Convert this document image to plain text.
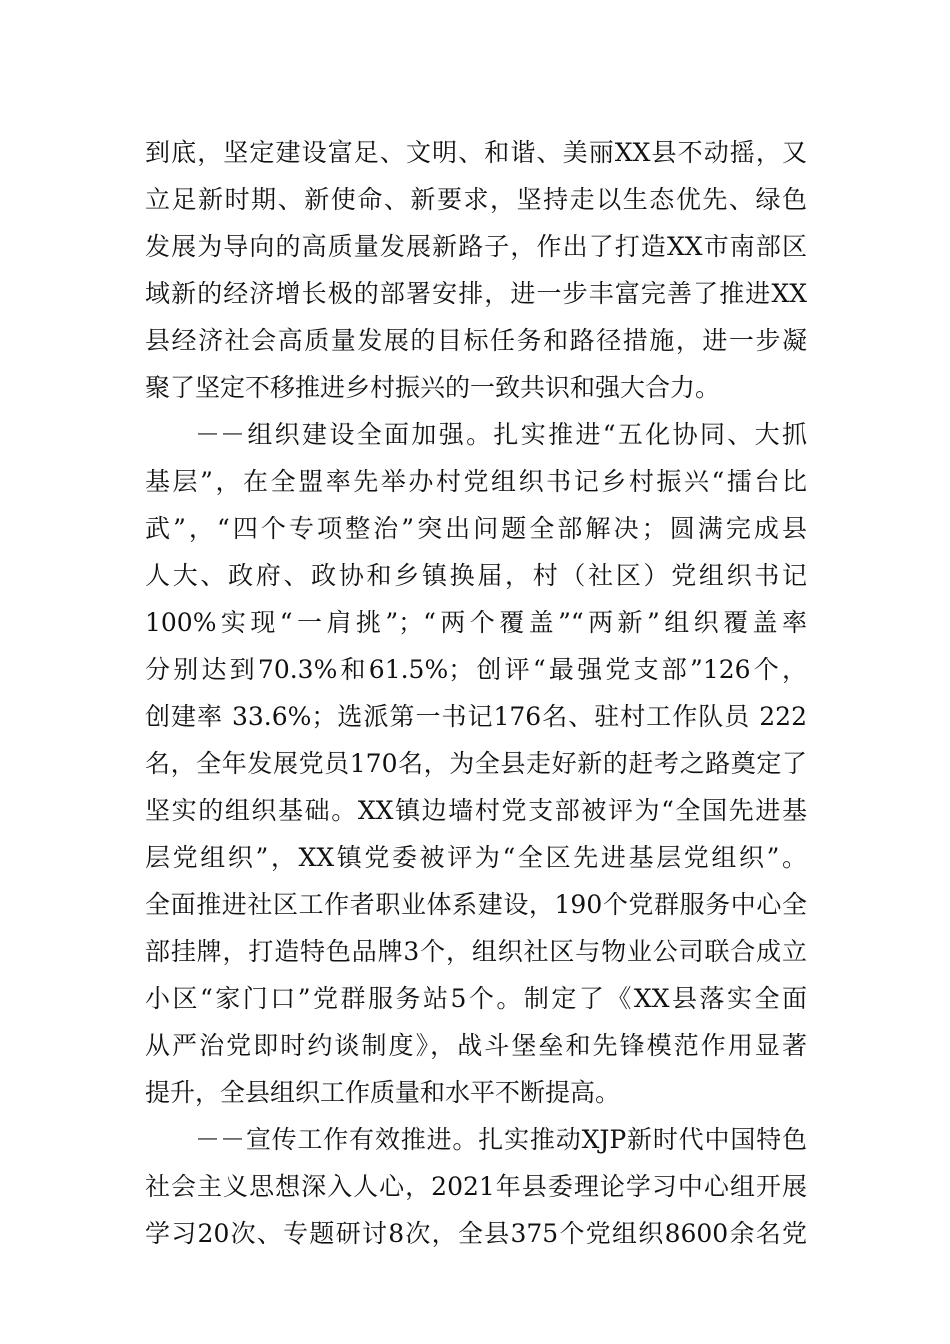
到底，坚定建设富足、文明、和谐、美丽XX县不动摇，又
立足新时期、新使命、新要求，坚持走以生态优先、绿色
发展为导向的高质量发展新路子，作出了打造XX市南部区
域新的经济增长极的部署安排，进一步丰富完善了推进XX
县经济社会高质量发展的目标任务和路径措施，进一步凝
聚了坚定不移推进乡村振兴的一致共识和强大合力。
－－组织建设全面加强。扎实推进“五化协同、大抓
基层”，在全盟率先举办村党组织书记乡村振兴“擂台比
武”，“四个专项整治”突出问题全部解决；圆满完成县
人大、政府、政协和乡镇换届，村（社区）党组织书记
100%实现“一肩挑”；“两个覆盖”“两新”组织覆盖率
分别达到70.3%和61.5%；创评“最强党支部”126个，
创建率 33.6%；选派第一书记176名、驻村工作队员 222
名，全年发展党员170名，为全县走好新的赶考之路奠定了
坚实的组织基础。XX镇边墙村党支部被评为“全国先进基
层党组织”，XX镇党委被评为“全区先进基层党组织”。
全面推进社区工作者职业体系建设，190个党群服务中心全
部挂牌，打造特色品牌3个，组织社区与物业公司联合成立
小区“家门口”党群服务站5个。制定了《XX县落实全面
从严治党即时约谈制度》，战斗堡垒和先锋模范作用显著
提升，全县组织工作质量和水平不断提高。
－－宣传工作有效推进。扎实推动XJP新时代中国特色
社会主义思想深入人心，2021年县委理论学习中心组开展
学习20次、专题研讨8次，全县375个党组织8600余名党
